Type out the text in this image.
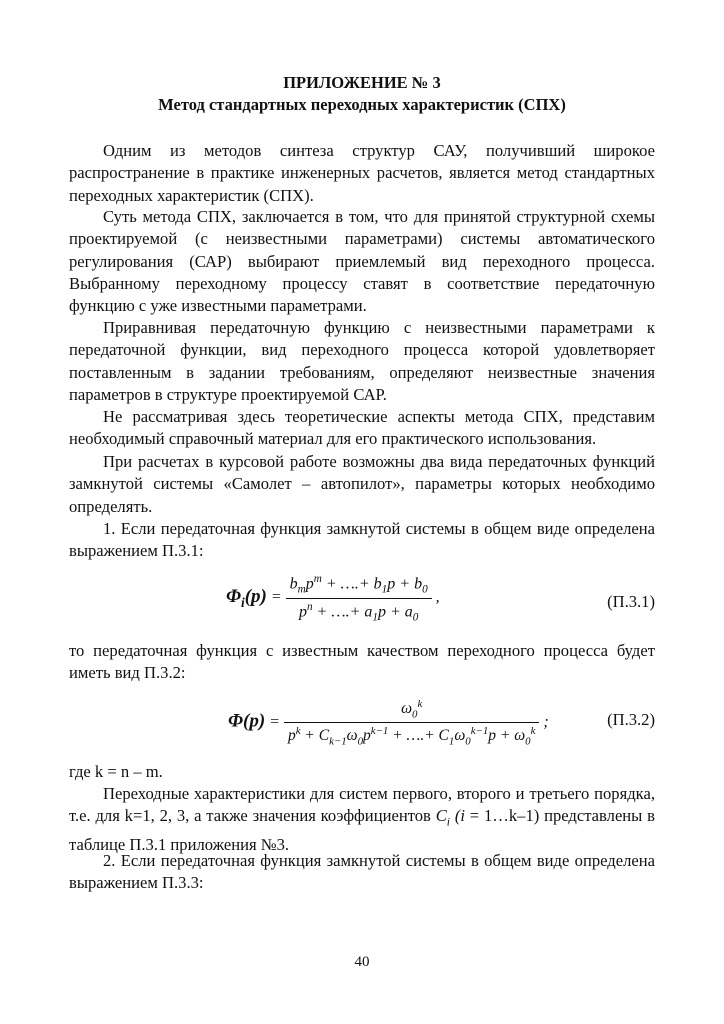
ПРИЛОЖЕНИЕ № 3
Метод стандартных переходных характеристик (СПХ)

Одним из методов синтеза структур САУ, получивший широкое распространение в практике инженерных расчетов, является метод стандартных переходных характеристик (СПХ).

Суть метода СПХ, заключается в том, что для принятой структурной схемы проектируемой (с неизвестными параметрами) системы автоматического регулирования (САР) выбирают приемлемый вид переходного процесса. Выбранному переходному процессу ставят в соответствие передаточную функцию с уже известными параметрами.

Приравнивая передаточную функцию с неизвестными параметрами к передаточной функции, вид переходного процесса которой удовлетворяет поставленным в задании требованиям, определяют неизвестные значения параметров в структуре проектируемой САР.

Не рассматривая здесь теоретические аспекты метода СПХ, представим необходимый справочный материал для его практического использования.

При расчетах в курсовой работе возможны два вида передаточных функций замкнутой системы «Самолет – автопилот», параметры которых необходимо определять.

1. Если передаточная функция замкнутой системы в общем виде определена выражением П.3.1:

$\Phi_i(p) = \frac{b_mp^m + \dots.+ b_1p + b_0}{p^n + \dots.+ a_1p + a_0}$ ,	(П.3.1)

то передаточная функция с известным качеством переходного процесса будет иметь вид П.3.2:

$\Phi(p) = \frac{\omega_0^k}{p^k + C_{k-1}\omega_0p^{k-1} + \dots.+ C_1\omega_0^{k-1}p + \omega_0^k}$ ;	(П.3.2)

где k = n – m.

Переходные характеристики для систем первого, второго и третьего порядка, т.е. для k=1, 2, 3, а также значения коэффициентов $C_i$ (i = 1…k–1) представлены в таблице П.3.1 приложения №3.

2. Если передаточная функция замкнутой системы в общем виде определена выражением П.3.3:

40
